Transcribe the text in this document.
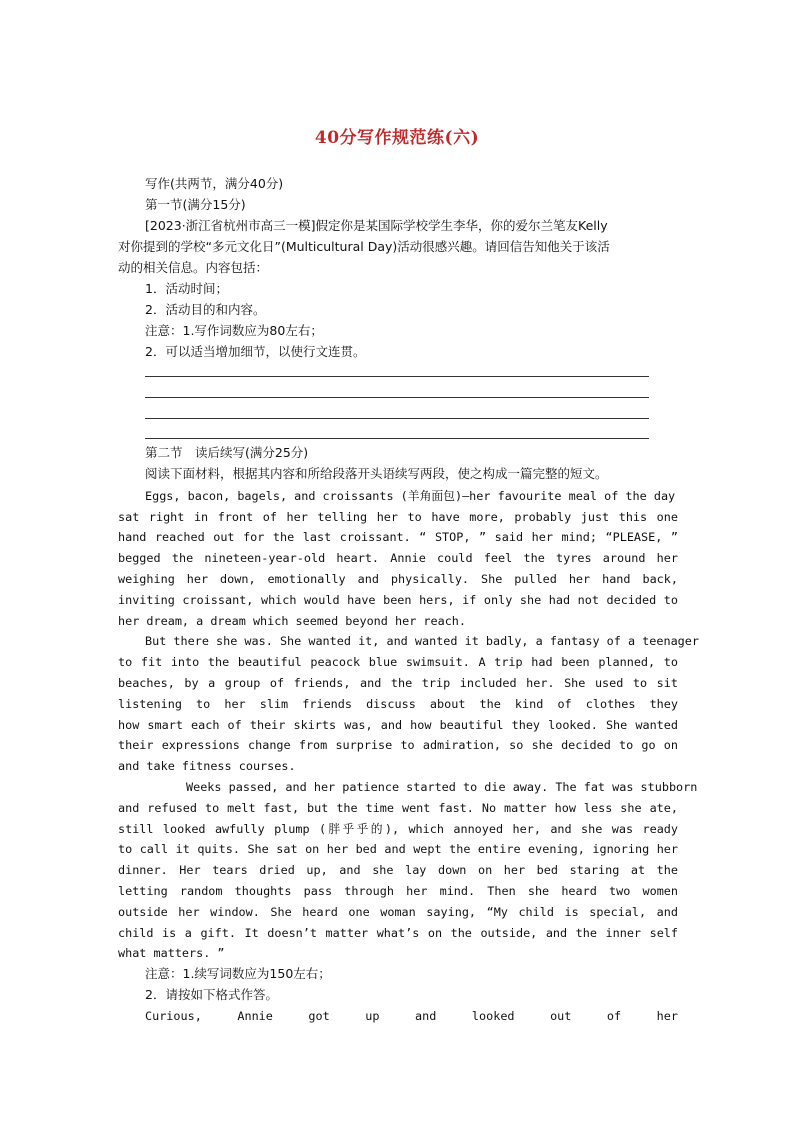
40分写作规范练(六)
写作(共两节，满分40分)
第一节(满分15分)
[2023·浙江省杭州市高三一模]假定你是某国际学校学生李华，你的爱尔兰笔友Kelly
对你提到的学校“多元文化日”(Multicultural Day)活动很感兴趣。请回信告知他关于该活
动的相关信息。内容包括：
1．活动时间；
2．活动目的和内容。
注意：1.写作词数应为80左右；
2．可以适当增加细节，以使行文连贯。
第二节　读后续写(满分25分)
阅读下面材料，根据其内容和所给段落开头语续写两段，使之构成一篇完整的短文。
Eggs, bacon, bagels, and croissants (羊角面包)—her favourite meal of the day
sat right in front of her telling her to have more, probably just this one
hand reached out for the last croissant. “ STOP, ” said her mind; “PLEASE, ”
begged the nineteen-year-old heart. Annie could feel the tyres around her
weighing her down, emotionally and physically. She pulled her hand back,
inviting croissant, which would have been hers, if only she had not decided to
her dream, a dream which seemed beyond her reach.
But there she was. She wanted it, and wanted it badly, a fantasy of a teenager
to fit into the beautiful peacock blue swimsuit. A trip had been planned, to
beaches, by a group of friends, and the trip included her. She used to sit
listening to her slim friends discuss about the kind of clothes they
how smart each of their skirts was, and how beautiful they looked. She wanted
their expressions change from surprise to admiration, so she decided to go on
and take fitness courses.
Weeks passed, and her patience started to die away. The fat was stubborn
and refused to melt fast, but the time went fast. No matter how less she ate,
still looked awfully plump (胖乎乎的), which annoyed her, and she was ready
to call it quits. She sat on her bed and wept the entire evening, ignoring her
dinner. Her tears dried up, and she lay down on her bed staring at the
letting random thoughts pass through her mind. Then she heard two women
outside her window. She heard one woman saying, “My child is special, and
child is a gift. It doesn’t matter what’s on the outside, and the inner self
what matters. ”
注意：1.续写词数应为150左右；
2．请按如下格式作答。
Curious, Annie got up and looked out of her
